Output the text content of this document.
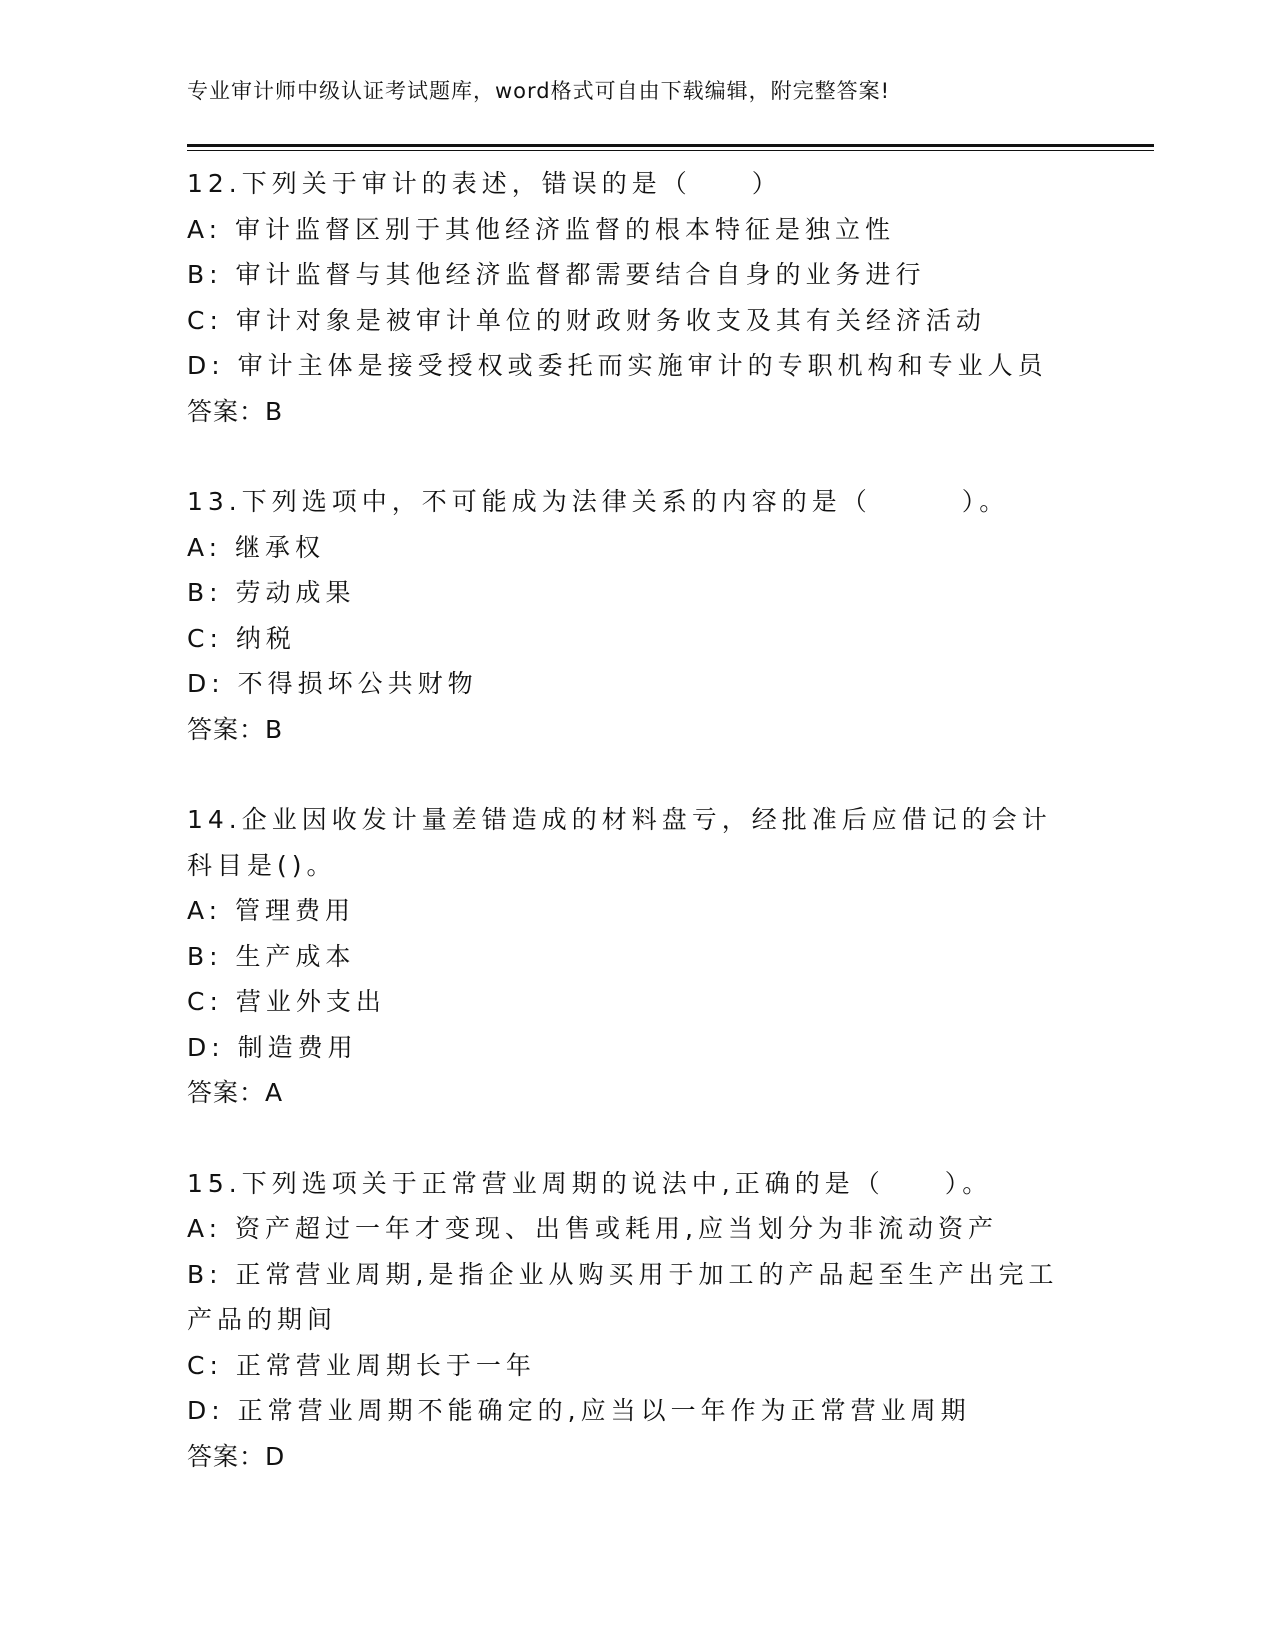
专业审计师中级认证考试题库，word格式可自由下载编辑，附完整答案!
12.下列关于审计的表述，错误的是（　　）
A: 审计监督区别于其他经济监督的根本特征是独立性
B: 审计监督与其他经济监督都需要结合自身的业务进行
C: 审计对象是被审计单位的财政财务收支及其有关经济活动
D: 审计主体是接受授权或委托而实施审计的专职机构和专业人员
答案：B
13.下列选项中，不可能成为法律关系的内容的是（　　　）。
A: 继承权
B: 劳动成果
C: 纳税
D: 不得损坏公共财物
答案：B
14.企业因收发计量差错造成的材料盘亏，经批准后应借记的会计科目是()。
A: 管理费用
B: 生产成本
C: 营业外支出
D: 制造费用
答案：A
15.下列选项关于正常营业周期的说法中,正确的是（　　）。
A: 资产超过一年才变现、出售或耗用,应当划分为非流动资产
B: 正常营业周期,是指企业从购买用于加工的产品起至生产出完工产品的期间
C: 正常营业周期长于一年
D: 正常营业周期不能确定的,应当以一年作为正常营业周期
答案：D
